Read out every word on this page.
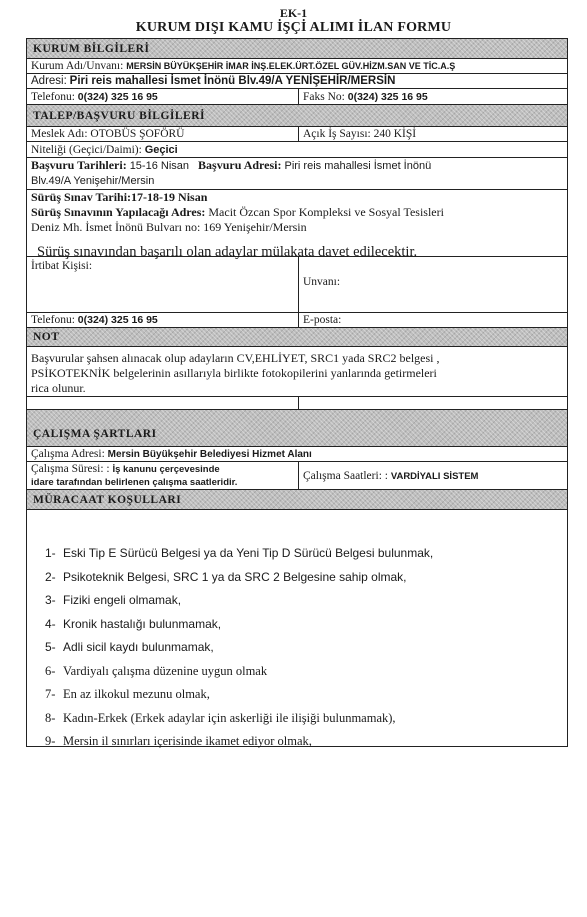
EK-1
KURUM DIŞI KAMU İŞÇİ ALIMI İLAN FORMU
KURUM BİLGİLERİ
Kurum Adı/Unvanı: MERSİN BÜYÜKŞEHİR İMAR İNŞ.ELEK.ÜRT.ÖZEL GÜV.HİZM.SAN VE TİC.A.Ş
Adresi: Piri reis mahallesi İsmet İnönü Blv.49/A YENİŞEHİR/MERSİN
Telefonu: 0(324) 325 16 95	Faks No: 0(324) 325 16 95
TALEP/BAŞVURU BİLGİLERİ
Meslek Adı: OTOBÜS ŞOFÖRÜ	Açık İş Sayısı: 240 KİŞİ
Niteliği (Geçici/Daimi): Geçici
Başvuru Tarihleri: 15-16 Nisan Başvuru Adresi: Piri reis mahallesi İsmet İnönü
Blv.49/A Yenişehir/Mersin
Sürüş Sınav Tarihi:17-18-19 Nisan
Sürüş Sınavının Yapılacağı Adres: Macit Özcan Spor Kompleksi ve Sosyal Tesisleri
Deniz Mh. İsmet İnönü Bulvarı no: 169 Yenişehir/Mersin
Sürüş sınavından başarılı olan adaylar mülakata davet edilecektir.
İrtibat Kişisi:
Unvanı:
Telefonu: 0(324) 325 16 95	E-posta:
NOT
Başvurular şahsen alınacak olup adayların CV,EHLİYET, SRC1 yada SRC2 belgesi ,
PSİKOTEKNİK belgelerinin asıllarıyla birlikte fotokopilerini yanlarında getirmeleri
rica olunur.
ÇALIŞMA ŞARTLARI
Çalışma Adresi: Mersin Büyükşehir Belediyesi Hizmet Alanı
Çalışma Süresi: : İş kanunu çerçevesinde
idare tarafından belirlenen çalışma saatleridir.
Çalışma Saatleri: : VARDİYALI SİSTEM
MÜRACAAT KOŞULLARI
1- Eski Tip E Sürücü Belgesi ya da Yeni Tip D Sürücü Belgesi bulunmak,
2- Psikoteknik Belgesi, SRC 1 ya da SRC 2 Belgesine sahip olmak,
3- Fiziki engeli olmamak,
4- Kronik hastalığı bulunmamak,
5- Adli sicil kaydı bulunmamak,
6- Vardiyalı çalışma düzenine uygun olmak
7- En az ilkokul mezunu olmak,
8- Kadın-Erkek (Erkek adaylar için askerliği ile ilişiği bulunmamak),
9- Mersin il sınırları içerisinde ikamet ediyor olmak,
